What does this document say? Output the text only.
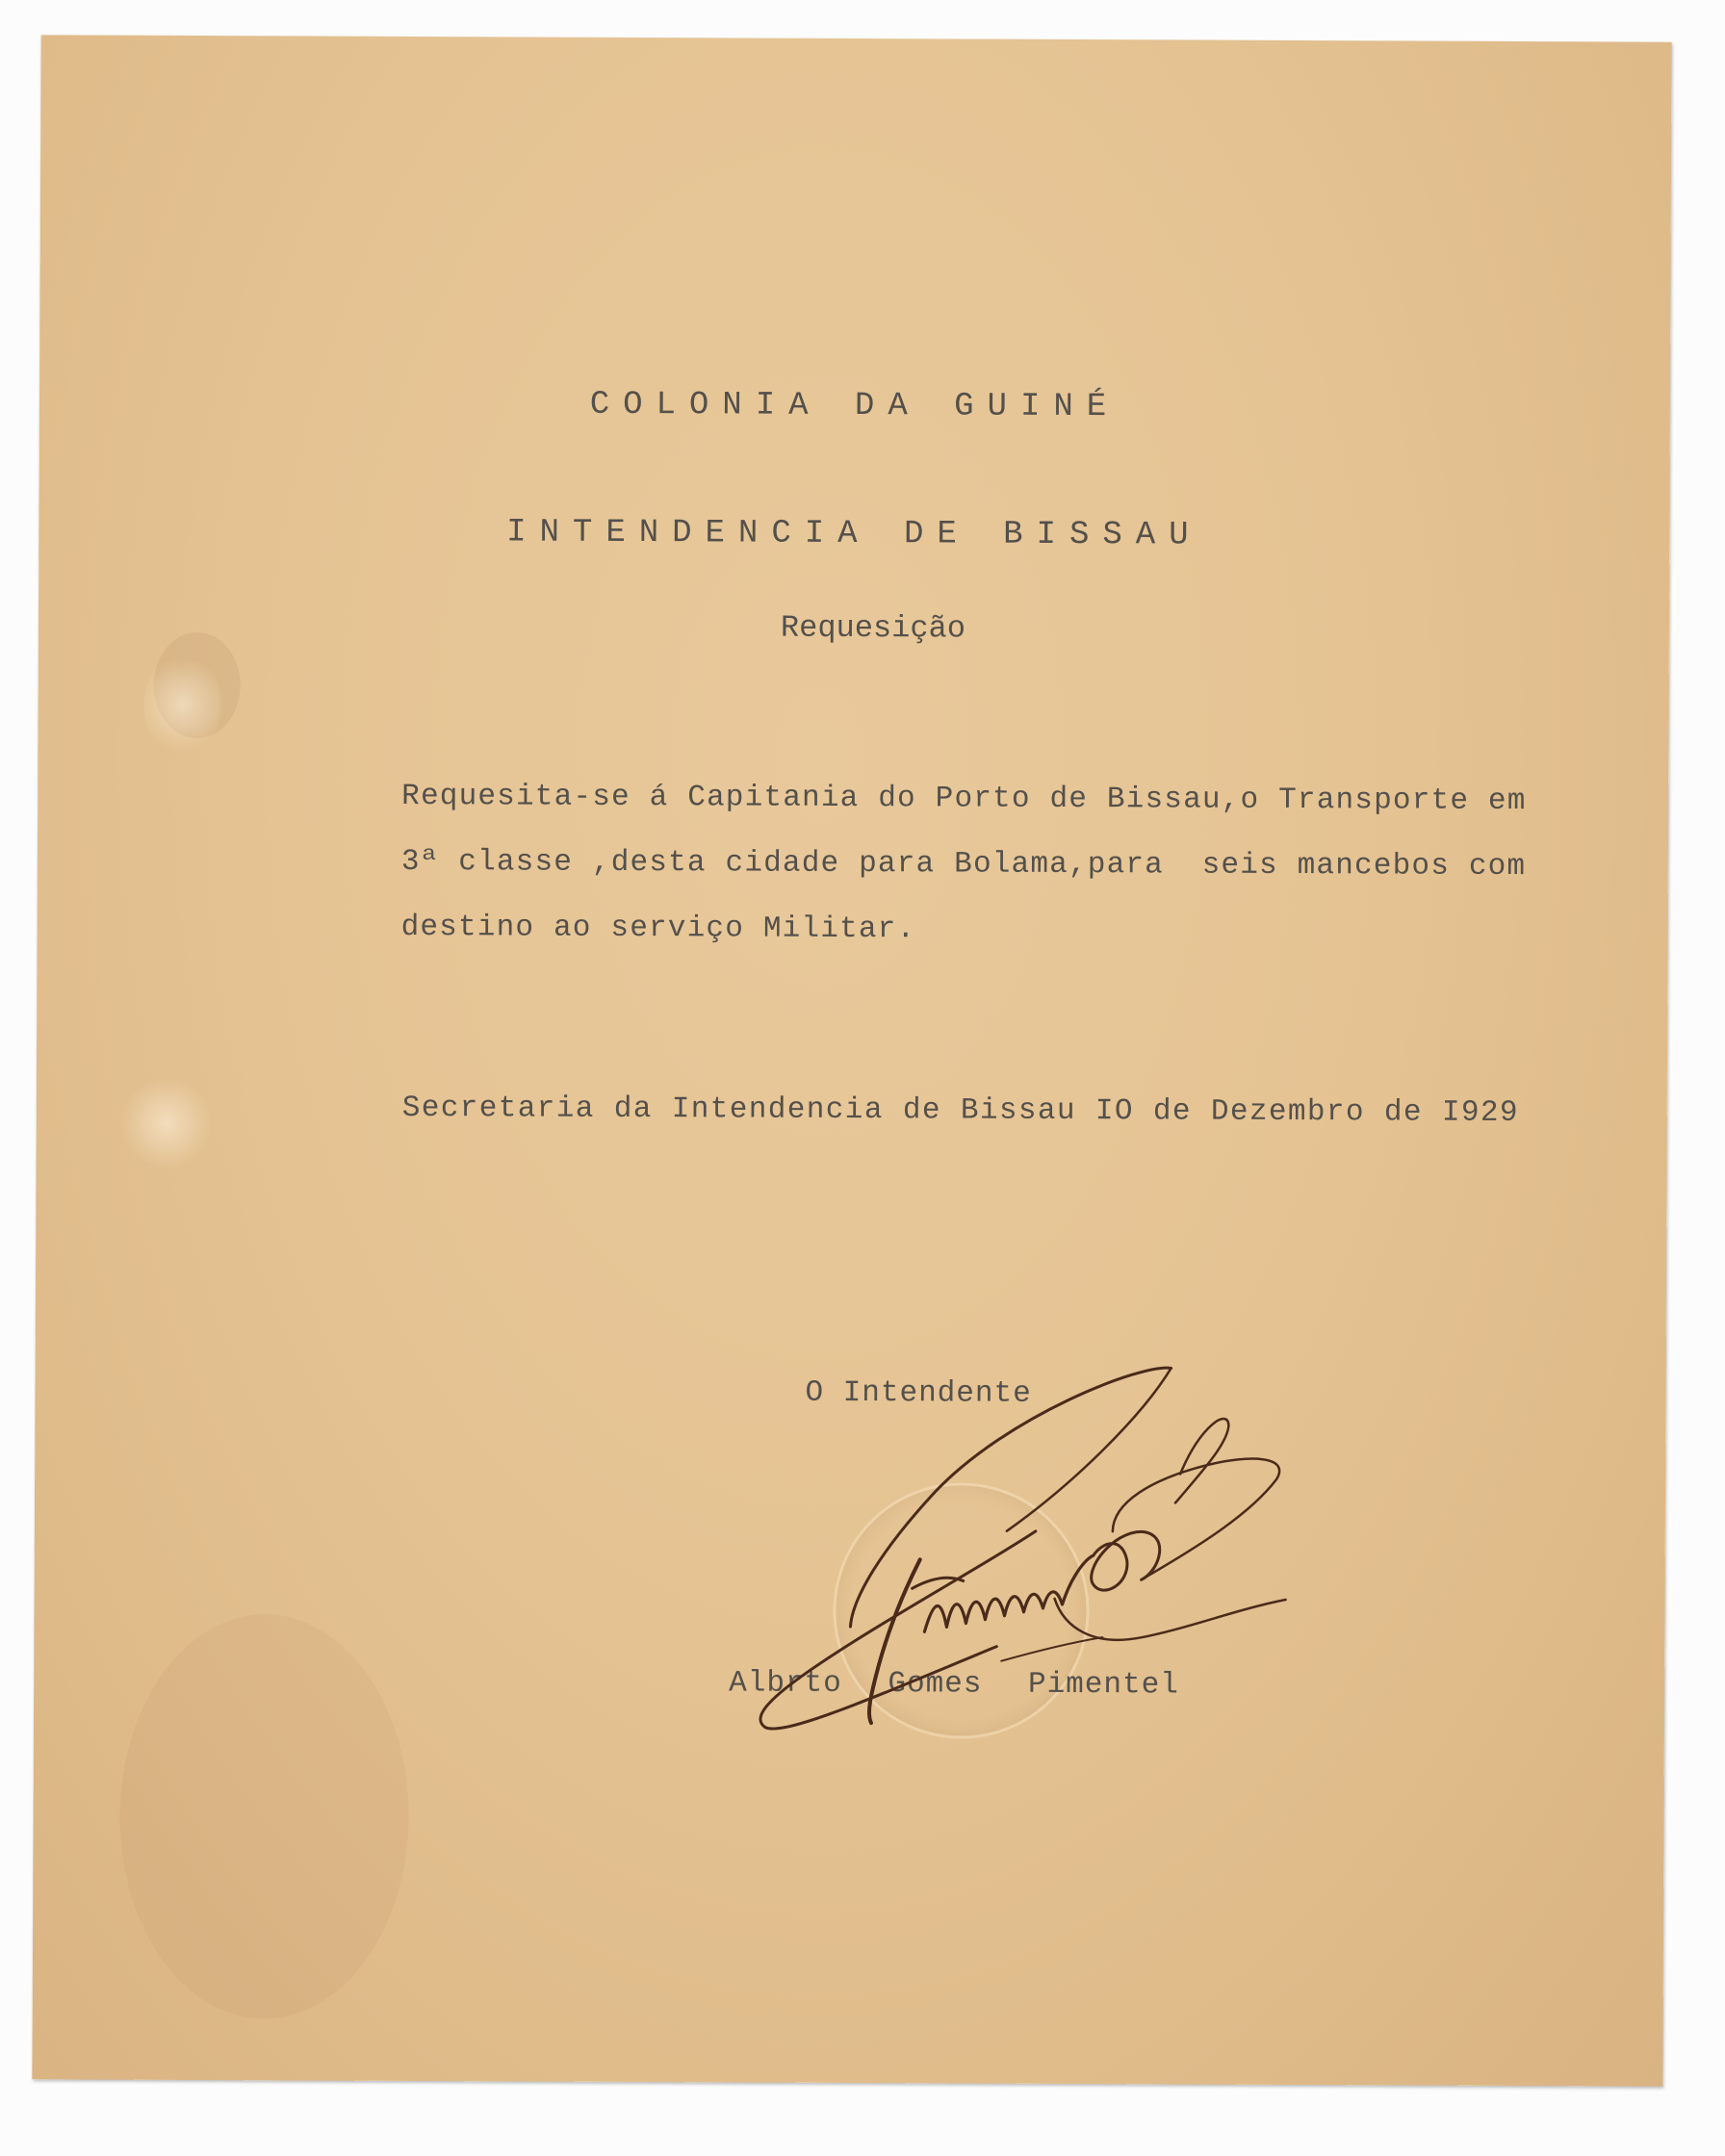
COLONIA DA GUINÉ

INTENDENCIA DE BISSAU

Requesição

Requesita-se á Capitania do Porto de Bissau,o Transporte em

3ª classe ,desta cidade para Bolama,para  seis mancebos com

destino ao serviço Militar.

Secretaria da Intendencia de Bissau IO de Dezembro de I929

O Intendente

Albrto Gomes Pimentel
